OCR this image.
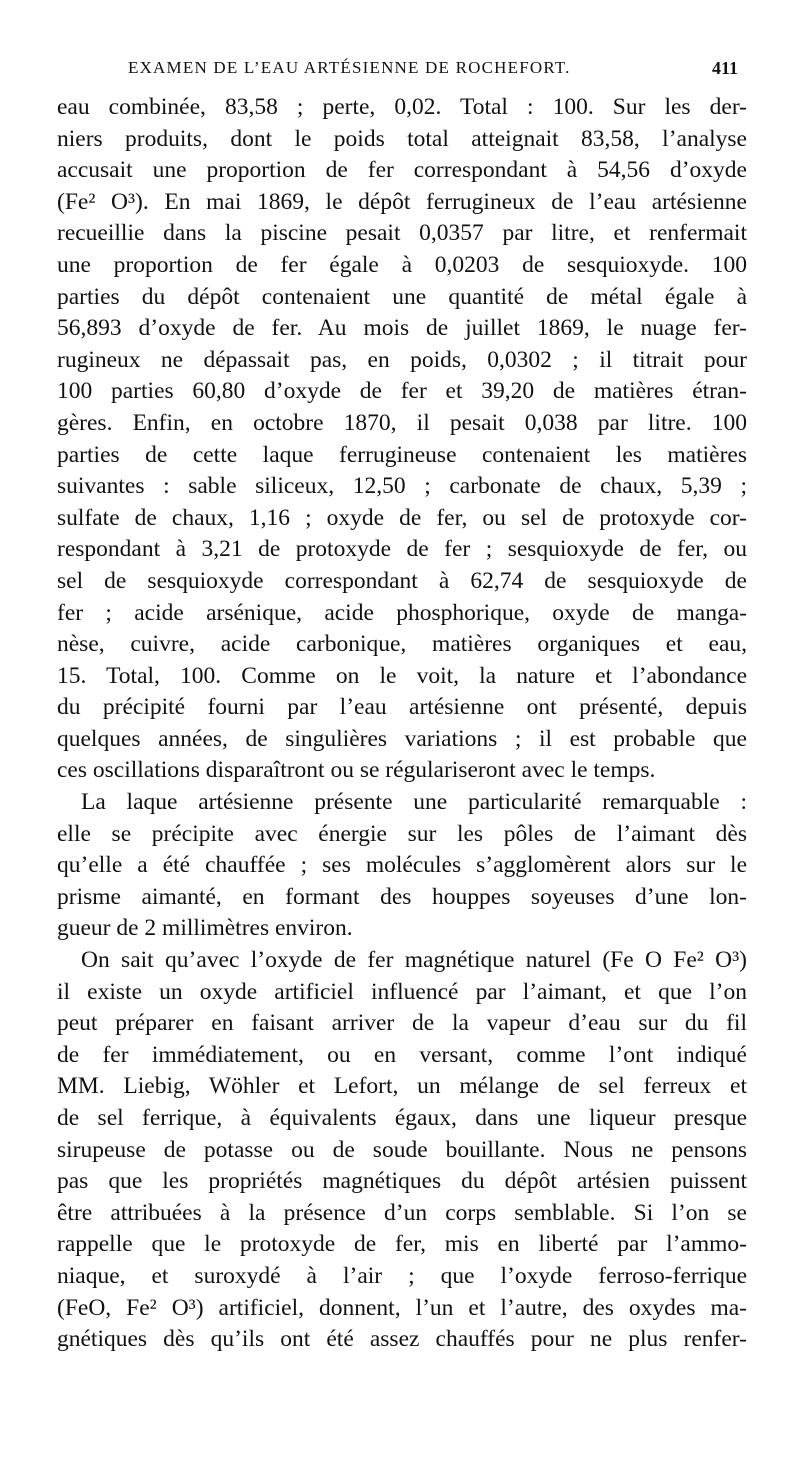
EXAMEN DE L’EAU ARTÉSIENNE DE ROCHEFORT.	411
eau combinée, 83,58 ; perte, 0,02. Total : 100. Sur les der-
niers produits, dont le poids total atteignait 83,58, l’analyse
accusait une proportion de fer correspondant à 54,56 d’oxyde
(Fe² O³). En mai 1869, le dépôt ferrugineux de l’eau artésienne
recueillie dans la piscine pesait 0,0357 par litre, et renfermait
une proportion de fer égale à 0,0203 de sesquioxyde. 100
parties du dépôt contenaient une quantité de métal égale à
56,893 d’oxyde de fer. Au mois de juillet 1869, le nuage fer-
rugineux ne dépassait pas, en poids, 0,0302 ; il titrait pour
100 parties 60,80 d’oxyde de fer et 39,20 de matières étran-
gères. Enfin, en octobre 1870, il pesait 0,038 par litre. 100
parties de cette laque ferrugineuse contenaient les matières
suivantes : sable siliceux, 12,50 ; carbonate de chaux, 5,39 ;
sulfate de chaux, 1,16 ; oxyde de fer, ou sel de protoxyde cor-
respondant à 3,21 de protoxyde de fer ; sesquioxyde de fer, ou
sel de sesquioxyde correspondant à 62,74 de sesquioxyde de
fer ; acide arsénique, acide phosphorique, oxyde de manga-
nèse, cuivre, acide carbonique, matières organiques et eau,
15. Total, 100. Comme on le voit, la nature et l’abondance
du précipité fourni par l’eau artésienne ont présenté, depuis
quelques années, de singulières variations ; il est probable que
ces oscillations disparaîtront ou se régulariseront avec le temps.
La laque artésienne présente une particularité remarquable :
elle se précipite avec énergie sur les pôles de l’aimant dès
qu’elle a été chauffée ; ses molécules s’agglomèrent alors sur le
prisme aimanté, en formant des houppes soyeuses d’une lon-
gueur de 2 millimètres environ.
On sait qu’avec l’oxyde de fer magnétique naturel (Fe O Fe² O³)
il existe un oxyde artificiel influencé par l’aimant, et que l’on
peut préparer en faisant arriver de la vapeur d’eau sur du fil
de fer immédiatement, ou en versant, comme l’ont indiqué
MM. Liebig, Wöhler et Lefort, un mélange de sel ferreux et
de sel ferrique, à équivalents égaux, dans une liqueur presque
sirupeuse de potasse ou de soude bouillante. Nous ne pensons
pas que les propriétés magnétiques du dépôt artésien puissent
être attribuées à la présence d’un corps semblable. Si l’on se
rappelle que le protoxyde de fer, mis en liberté par l’ammo-
niaque, et suroxydé à l’air ; que l’oxyde ferroso-ferrique
(FeO, Fe² O³) artificiel, donnent, l’un et l’autre, des oxydes ma-
gnétiques dès qu’ils ont été assez chauffés pour ne plus renfer-
